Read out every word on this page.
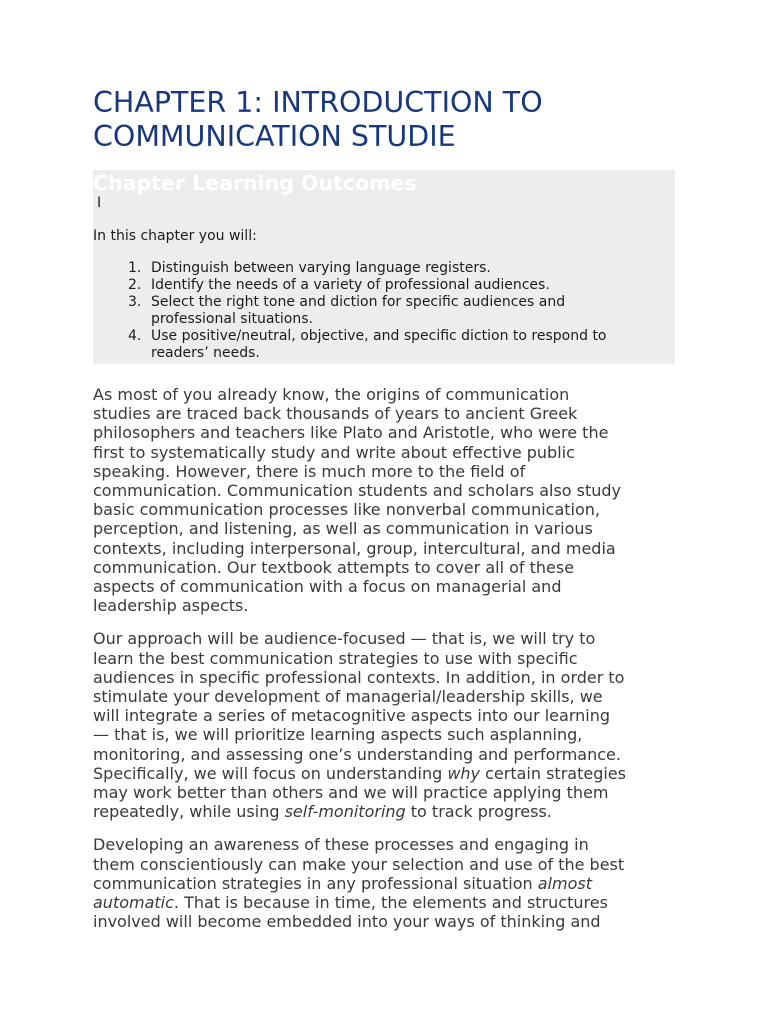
CHAPTER 1: INTRODUCTION TO
COMMUNICATION STUDIE
Chapter Learning Outcomes
I

In this chapter you will:

1. Distinguish between varying language registers.
2. Identify the needs of a variety of professional audiences.
3. Select the right tone and diction for specific audiences and
professional situations.
4. Use positive/neutral, objective, and specific diction to respond to
readers’ needs.

As most of you already know, the origins of communication
studies are traced back thousands of years to ancient Greek
philosophers and teachers like Plato and Aristotle, who were the
first to systematically study and write about effective public
speaking. However, there is much more to the field of
communication. Communication students and scholars also study
basic communication processes like nonverbal communication,
perception, and listening, as well as communication in various
contexts, including interpersonal, group, intercultural, and media
communication. Our textbook attempts to cover all of these
aspects of communication with a focus on managerial and
leadership aspects.

Our approach will be audience-focused — that is, we will try to
learn the best communication strategies to use with specific
audiences in specific professional contexts. In addition, in order to
stimulate your development of managerial/leadership skills, we
will integrate a series of metacognitive aspects into our learning
— that is, we will prioritize learning aspects such asplanning,
monitoring, and assessing one’s understanding and performance.
Specifically, we will focus on understanding why certain strategies
may work better than others and we will practice applying them
repeatedly, while using self-monitoring to track progress.

Developing an awareness of these processes and engaging in
them conscientiously can make your selection and use of the best
communication strategies in any professional situation almost
automatic. That is because in time, the elements and structures
involved will become embedded into your ways of thinking and
